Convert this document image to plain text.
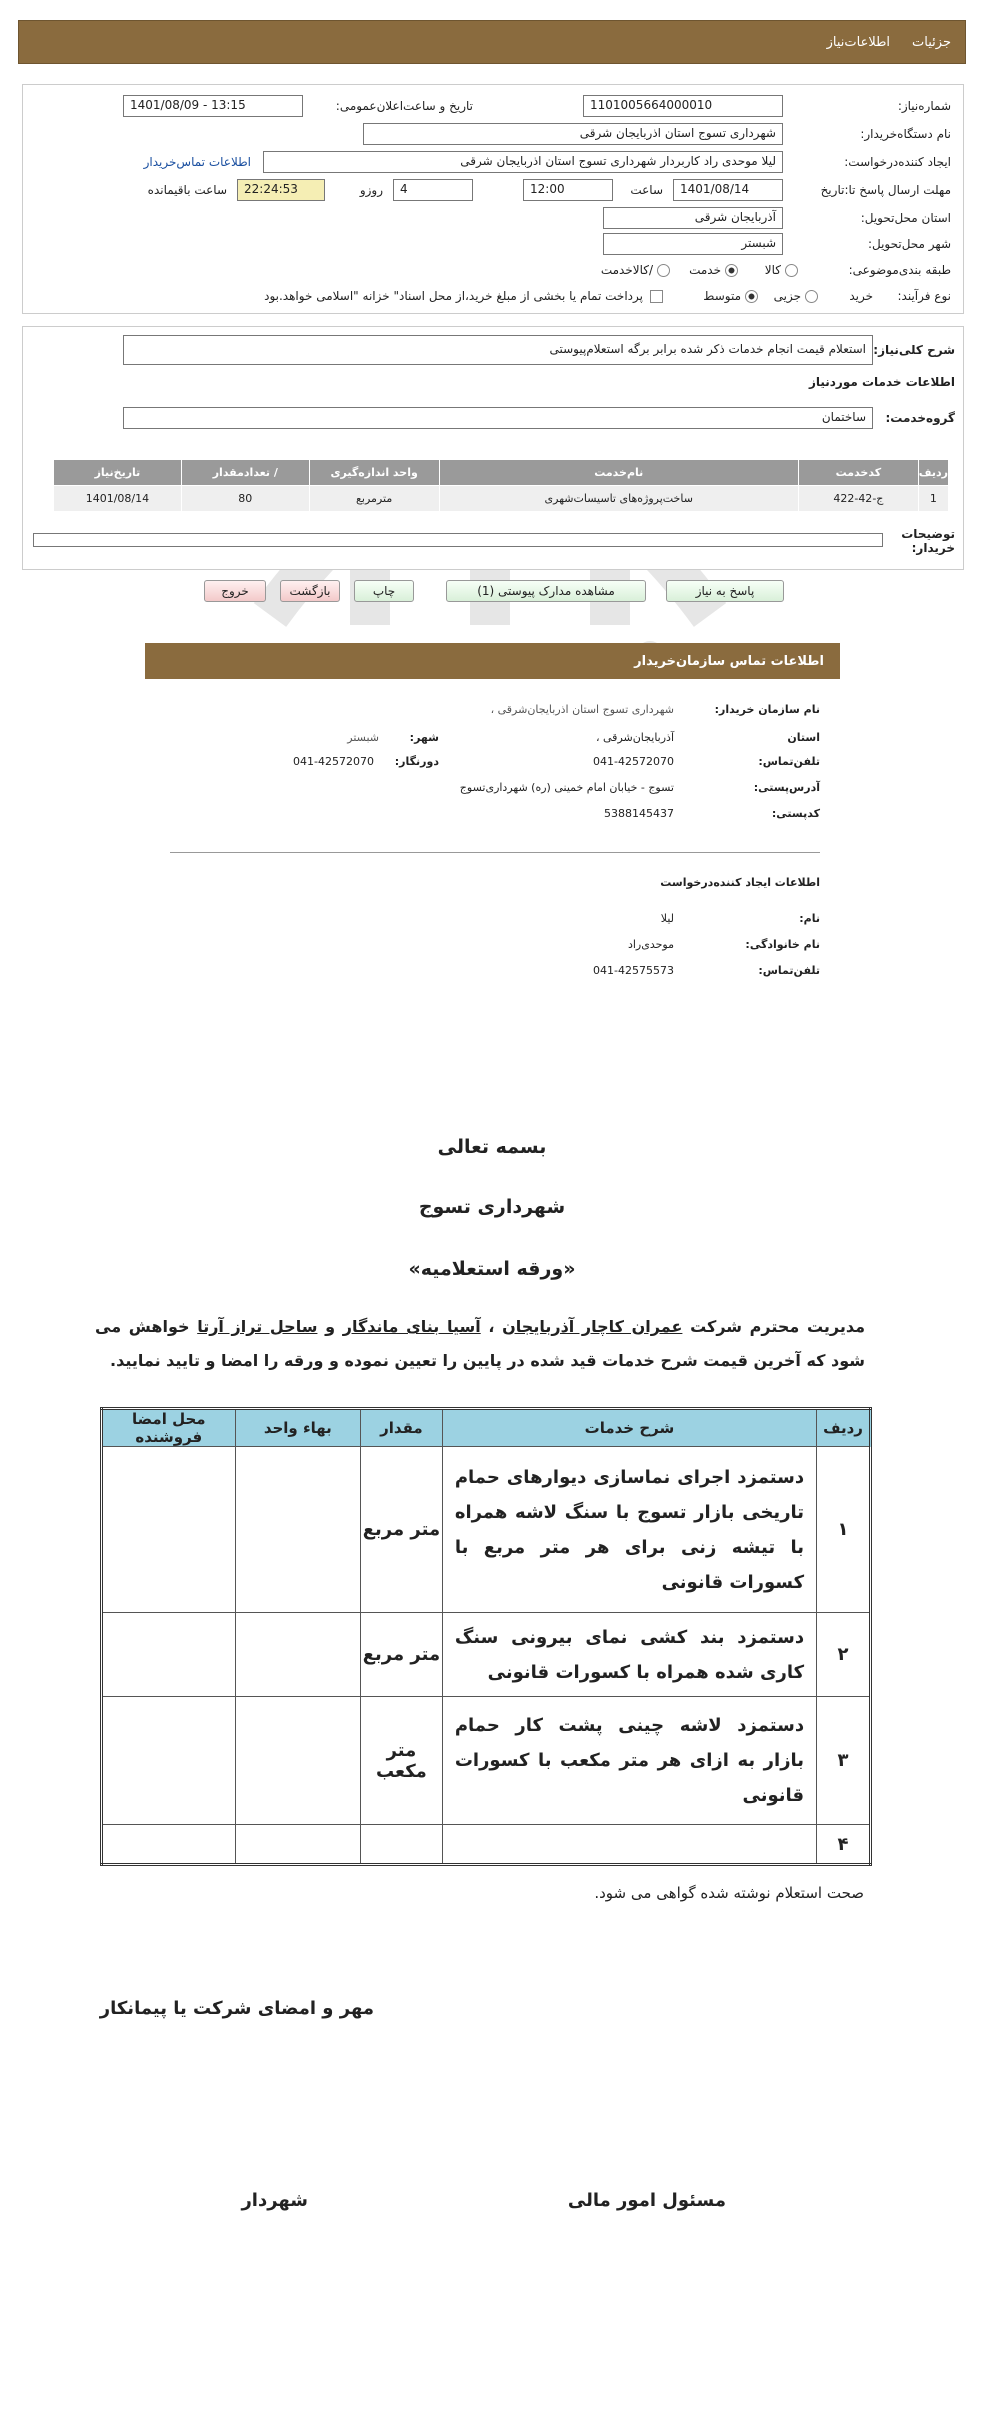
جزئیات
اطلاعات‌نیاز
شماره‌نیاز:
1101005664000010
تاریخ و ساعت‌اعلان‌عمومی:
1401/08/09 - 13:15
نام دستگاه‌خریدار:
شهرداری تسوج استان اذربایجان شرقی
ایجاد کننده‌درخواست:
لیلا موحدی راد کاربردار شهرداری تسوج استان اذربایجان شرقی
اطلاعات تماس‌خریدار
مهلت ارسال پاسخ تا:تاریخ
1401/08/14
ساعت
12:00
4
روزو
22:24:53
ساعت باقیمانده
استان محل‌تحویل:
آذربایجان شرقی
شهر محل‌تحویل:
شبستر
طبقه بندی‌موضوعی:
کالا
خدمت
/کالاخدمت
نوع فرآیند:
خرید
جزیی
متوسط
پرداخت تمام یا بخشی از مبلغ خرید،از محل اسناد" خزانه "اسلامی خواهد.بود
شرح کلی‌نیاز:
استعلام قیمت انجام خدمات ذکر شده برابر برگه استعلام‌پیوستی
اطلاعات خدمات موردنیاز
گروه‌خدمت:
ساختمان
ردیف	کدخدمت	نام‌خدمت	واحد اندازه‌گیری	/ تعدادمقدار	تاریخ‌نیاز
1	ج-42-422	ساخت‌پروژه‌های تاسیسات‌شهری	مترمربع	80	1401/08/14
توضیحات خریدار:
پاسخ به نیاز
مشاهده مدارک پیوستی (1)
چاپ
بازگشت
خروج
اطلاعات تماس سازمان‌خریدار
نام سازمان خریدار:
شهرداری تسوج استان اذربایجان‌شرقی ،
استان
آذربایجان‌شرقی ،
شهر:
شبستر
تلفن‌تماس:
041-42572070
دورنگار:
041-42572070
آدرس‌پستی:
تسوج - خیابان امام خمینی (ره) شهرداری‌تسوج
کدپستی:
5388145437
اطلاعات ایجاد کننده‌درخواست
نام:
لیلا
نام خانوادگی:
موحدی‌راد
تلفن‌تماس:
041-42575573
بسمه تعالی
شهرداری تسوج
«ورقه استعلامیه»
مدیریت محترم شرکت عمران کاچار آذربایجان ، آسیا بنای ماندگار و ساحل تراز آرتا خواهش می شود که آخرین قیمت شرح خدمات قید شده در پایین را تعیین نموده و ورقه را امضا و تایید نمایید.
ردیف	شرح خدمات	مقدار	بهاء واحد	محل امضا فروشنده
۱	دستمزد اجرای نماسازی دیوارهای حمام تاریخی بازار تسوج با سنگ لاشه همراه با تیشه زنی برای هر متر مربع با کسورات قانونی	متر مربع		
۲	دستمزد بند کشی نمای بیرونی سنگ کاری شده همراه با کسورات قانونی	متر مربع		
۳	دستمزد لاشه چینی پشت کار حمام بازار به ازای هر متر مکعب با کسورات قانونی	متر مکعب		
۴				
صحت استعلام نوشته شده گواهی می شود.
مهر و امضای شرکت یا پیمانکار
مسئول امور مالی
شهردار
